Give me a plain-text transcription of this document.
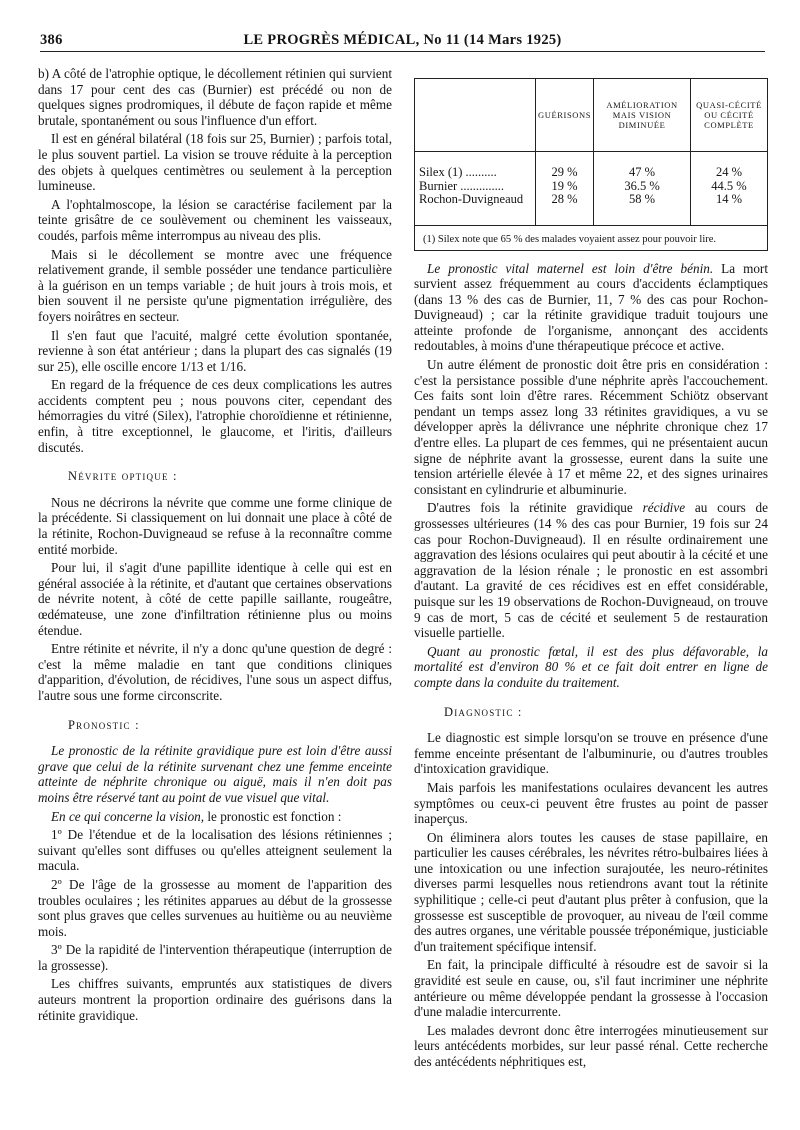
386	LE PROGRÈS MÉDICAL, No 11 (14 Mars 1925)

b) A côté de l'atrophie optique, le décollement rétinien qui survient dans 17 pour cent des cas (Burnier) est précédé ou non de quelques signes prodromiques, il débute de façon rapide et même brutale, spontanément ou sous l'influence d'un effort.

Il est en général bilatéral (18 fois sur 25, Burnier) ; parfois total, le plus souvent partiel. La vision se trouve réduite à la perception des objets à quelques centimètres ou seulement à la perception lumineuse.

A l'ophtalmoscope, la lésion se caractérise facilement par la teinte grisâtre de ce soulèvement ou cheminent les vaisseaux, coudés, parfois même interrompus au niveau des plis.

Mais si le décollement se montre avec une fréquence relativement grande, il semble posséder une tendance particulière à la guérison en un temps variable ; de huit jours à trois mois, et bien souvent il ne persiste qu'une pigmentation irrégulière, des foyers noirâtres en secteur.

Il s'en faut que l'acuité, malgré cette évolution spontanée, revienne à son état antérieur ; dans la plupart des cas signalés (19 sur 25), elle oscille encore 1/13 et 1/16.

En regard de la fréquence de ces deux complications les autres accidents comptent peu ; nous pouvons citer, cependant des hémorragies du vitré (Silex), l'atrophie choroïdienne et rétinienne, enfin, à titre exceptionnel, le glaucome, et l'iritis, d'ailleurs discutés.

Névrite optique :

Nous ne décrirons la névrite que comme une forme clinique de la précédente. Si classiquement on lui donnait une place à côté de la rétinite, Rochon-Duvigneaud se refuse à la reconnaître comme entité morbide.

Pour lui, il s'agit d'une papillite identique à celle qui est en général associée à la rétinite, et d'autant que certaines observations de névrite notent, à côté de cette papille saillante, rougeâtre, œdémateuse, une zone d'infiltration rétinienne plus ou moins étendue.

Entre rétinite et névrite, il n'y a donc qu'une question de degré : c'est la même maladie en tant que conditions cliniques d'apparition, d'évolution, de récidives, l'une sous un aspect diffus, l'autre sous une forme circonscrite.

Pronostic :

Le pronostic de la rétinite gravidique pure est loin d'être aussi grave que celui de la rétinite survenant chez une femme enceinte atteinte de néphrite chronique ou aiguë, mais il n'en doit pas moins être réservé tant au point de vue visuel que vital.

En ce qui concerne la vision, le pronostic est fonction :

1º De l'étendue et de la localisation des lésions rétiniennes ; suivant qu'elles sont diffuses ou qu'elles atteignent seulement la macula.

2º De l'âge de la grossesse au moment de l'apparition des troubles oculaires ; les rétinites apparues au début de la grossesse sont plus graves que celles survenues au huitième ou au neuvième mois.

3º De la rapidité de l'intervention thérapeutique (interruption de la grossesse).

Les chiffres suivants, empruntés aux statistiques de divers auteurs montrent la proportion ordinaire des guérisons dans la rétinite gravidique.

	GUÉRISONS	AMÉLIORATION MAIS VISION DIMINUÉE	QUASI-CÉCITÉ OU CÉCITÉ COMPLÈTE
Silex (1) ..........	29 %	47 %	24 %
Burnier ..............	19 %	36.5 %	44.5 %
Rochon-Duvigneaud	28 %	58 %	14 %
(1) Silex note que 65 % des malades voyaient assez pour pouvoir lire.

Le pronostic vital maternel est loin d'être bénin. La mort survient assez fréquemment au cours d'accidents éclamptiques (dans 13 % des cas de Burnier, 11, 7 % des cas pour Rochon-Duvigneaud) ; car la rétinite gravidique traduit toujours une atteinte profonde de l'organisme, annonçant des accidents redoutables, à moins d'une thérapeutique précoce et active.

Un autre élément de pronostic doit être pris en considération : c'est la persistance possible d'une néphrite après l'accouchement. Ces faits sont loin d'être rares. Récemment Schiötz observant pendant un temps assez long 33 rétinites gravidiques, a vu se développer après la délivrance une néphrite chronique chez 17 d'entre elles. La plupart de ces femmes, qui ne présentaient aucun signe de néphrite avant la grossesse, eurent dans la suite une tension artérielle élevée à 17 et même 22, et des signes urinaires consistant en cylindrurie et albuminurie.

D'autres fois la rétinite gravidique récidive au cours de grossesses ultérieures (14 % des cas pour Burnier, 19 fois sur 24 cas pour Rochon-Duvigneaud). Il en résulte ordinairement une aggravation des lésions oculaires qui peut aboutir à la cécité et une aggravation de la lésion rénale ; le pronostic en est assombri d'autant. La gravité de ces récidives est en effet considérable, puisque sur les 19 observations de Rochon-Duvigneaud, on trouve 9 cas de mort, 5 cas de cécité et seulement 5 de restauration visuelle partielle.

Quant au pronostic fœtal, il est des plus défavorable, la mortalité est d'environ 80 % et ce fait doit entrer en ligne de compte dans la conduite du traitement.

Diagnostic :

Le diagnostic est simple lorsqu'on se trouve en présence d'une femme enceinte présentant de l'albuminurie, ou d'autres troubles d'intoxication gravidique.

Mais parfois les manifestations oculaires devancent les autres symptômes ou ceux-ci peuvent être frustes au point de passer inaperçus.

On éliminera alors toutes les causes de stase papillaire, en particulier les causes cérébrales, les névrites rétro-bulbaires liées à une intoxication ou une infection surajoutée, les neuro-rétinites diverses parmi lesquelles nous retiendrons avant tout la rétinite syphilitique ; celle-ci peut d'autant plus prêter à confusion, que la grossesse est susceptible de provoquer, au niveau de l'œil comme des autres organes, une véritable poussée tréponémique, justiciable d'un traitement spécifique intensif.

En fait, la principale difficulté à résoudre est de savoir si la gravidité est seule en cause, ou, s'il faut incriminer une néphrite antérieure ou même développée pendant la grossesse à l'occasion d'une maladie intercurrente.

Les malades devront donc être interrogées minutieusement sur leurs antécédents morbides, sur leur passé rénal. Cette recherche des antécédents néphritiques est,
